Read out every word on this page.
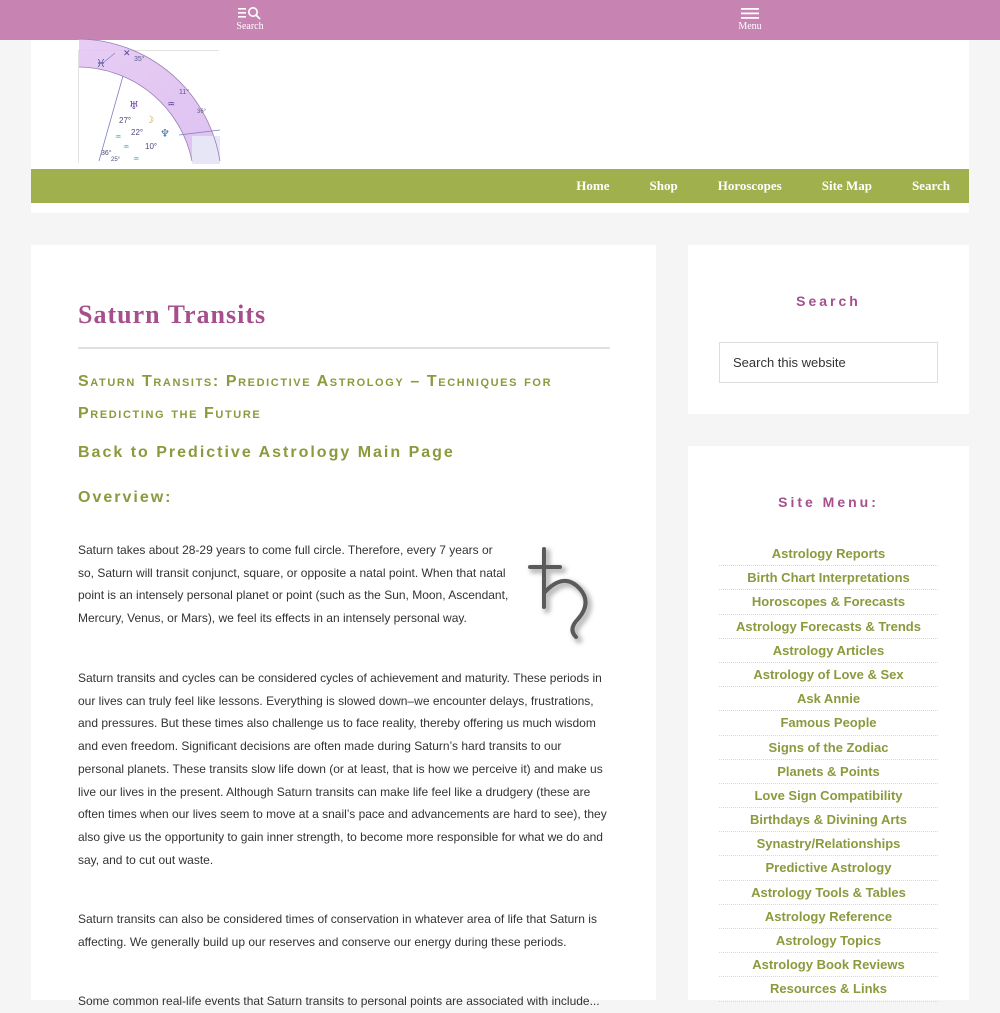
Search	Menu
♓
✕
35°
11°
♒
36°
♅
27° ☽
22° ♆
♒
10°
♒
36°
♒
25°
Home	Shop	Horoscopes	Site Map	Search
Saturn Transits
Saturn Transits: Predictive Astrology – Techniques for Predicting the Future
Back to Predictive Astrology Main Page
Overview:

Saturn takes about 28-29 years to come full circle. Therefore, every 7 years or so, Saturn will transit conjunct, square, or opposite a natal point. When that natal point is an intensely personal planet or point (such as the Sun, Moon, Ascendant, Mercury, Venus, or Mars), we feel its effects in an intensely personal way.

Saturn transits and cycles can be considered cycles of achievement and maturity. These periods in our lives can truly feel like lessons. Everything is slowed down–we encounter delays, frustrations, and pressures. But these times also challenge us to face reality, thereby offering us much wisdom and even freedom. Significant decisions are often made during Saturn’s hard transits to our personal planets. These transits slow life down (or at least, that is how we perceive it) and make us live our lives in the present. Although Saturn transits can make life feel like a drudgery (these are often times when our lives seem to move at a snail’s pace and advancements are hard to see), they also give us the opportunity to gain inner strength, to become more responsible for what we do and say, and to cut out waste.

Saturn transits can also be considered times of conservation in whatever area of life that Saturn is affecting. We generally build up our reserves and conserve our energy during these periods.

Some common real-life events that Saturn transits to personal points are associated with include...

Search
Search this website
Site Menu:
Astrology Reports
Birth Chart Interpretations
Horoscopes & Forecasts
Astrology Forecasts & Trends
Astrology Articles
Astrology of Love & Sex
Ask Annie
Famous People
Signs of the Zodiac
Planets & Points
Love Sign Compatibility
Birthdays & Divining Arts
Synastry/Relationships
Predictive Astrology
Astrology Tools & Tables
Astrology Reference
Astrology Topics
Astrology Book Reviews
Resources & Links
